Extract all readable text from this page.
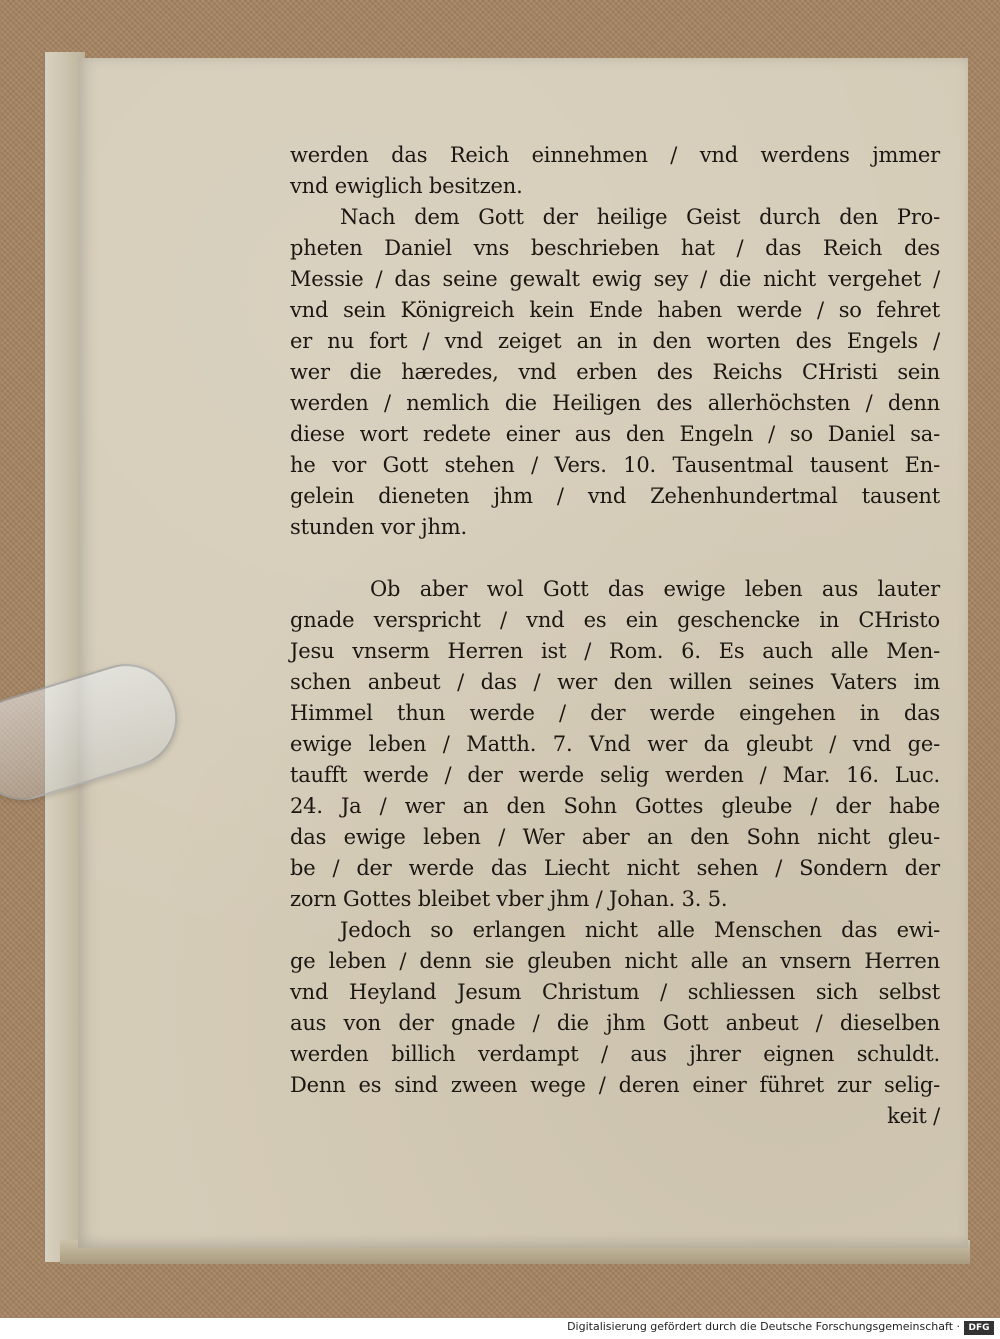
werden das Reich einnehmen / vnd werdens jmmer
vnd ewiglich besitzen.
Nach dem Gott der heilige Geist durch den Pro-
pheten Daniel vns beschrieben hat / das Reich des
Messie / das seine gewalt ewig sey / die nicht vergehet /
vnd sein Königreich kein Ende haben werde / so fehret
er nu fort / vnd zeiget an in den worten des Engels /
wer die hæredes, vnd erben des Reichs CHristi sein
werden / nemlich die Heiligen des allerhöchsten / denn
diese wort redete einer aus den Engeln / so Daniel sa-
he vor Gott stehen / Vers. 10. Tausentmal tausent En-
gelein dieneten jhm / vnd Zehenhundertmal tausent
stunden vor jhm.
Ob aber wol Gott das ewige leben aus lauter
gnade verspricht / vnd es ein geschencke in CHristo
Jesu vnserm Herren ist / Rom. 6. Es auch alle Men-
schen anbeut / das / wer den willen seines Vaters im
Himmel thun werde / der werde eingehen in das
ewige leben / Matth. 7. Vnd wer da gleubt / vnd ge-
taufft werde / der werde selig werden / Mar. 16. Luc.
24. Ja / wer an den Sohn Gottes gleube / der habe
das ewige leben / Wer aber an den Sohn nicht gleu-
be / der werde das Liecht nicht sehen / Sondern der
zorn Gottes bleibet vber jhm / Johan. 3. 5.
Jedoch so erlangen nicht alle Menschen das ewi-
ge leben / denn sie gleuben nicht alle an vnsern Herren
vnd Heyland Jesum Christum / schliessen sich selbst
aus von der gnade / die jhm Gott anbeut / dieselben
werden billich verdampt / aus jhrer eignen schuldt.
Denn es sind zween wege / deren einer führet zur selig-
keit /
Digitalisierung gefördert durch die Deutsche Forschungsgemeinschaft · DFG
